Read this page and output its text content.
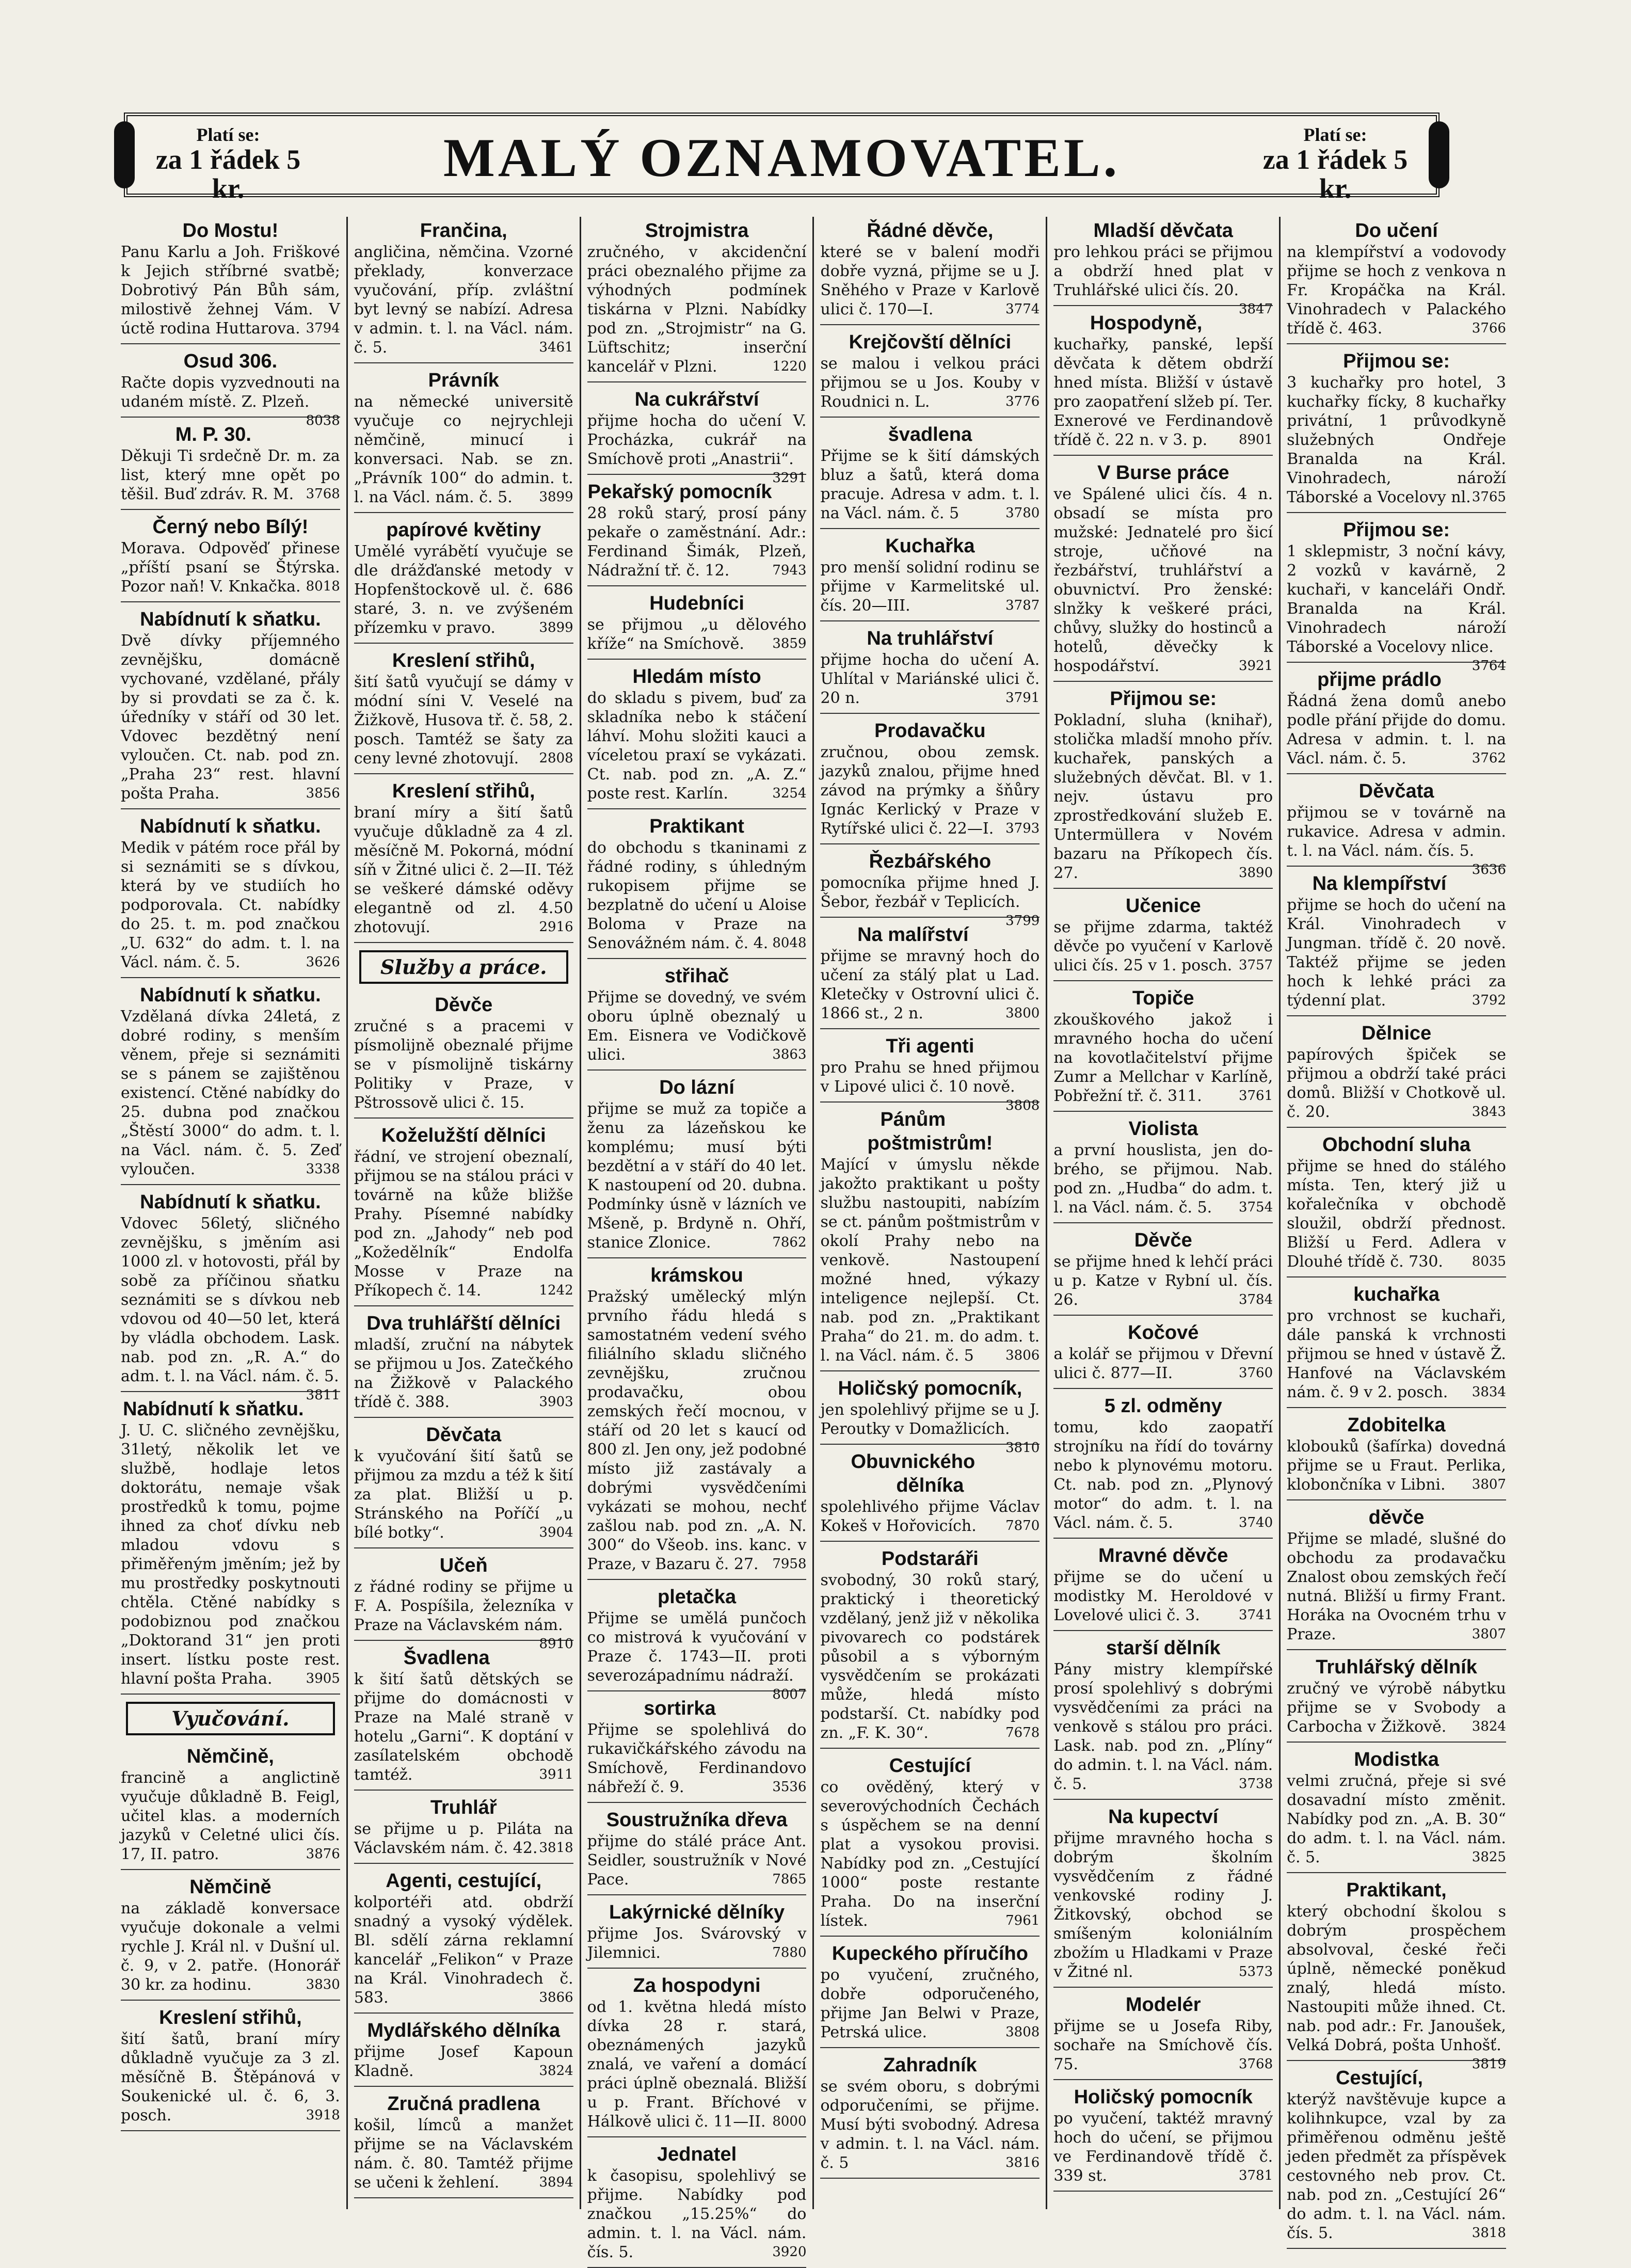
Platí se:
za 1 řádek 5 kr.
MALÝ OZNAMOVATEL.	Platí se:
za 1 řádek 5 kr.
Do Mostu!
Panu Karlu a Joh. Friškové k Jejich stříbrné svatbě; Dobrotivý Pán Bůh sám, milostivě žehnej Vám. V úctě rodina Huttarova. 3794
Osud 306.
Račte dopis vyzvednouti na udaném místě. Z. Plzeň.
8038
M. P. 30.
Děkuji Ti srdečně Dr. m. za list, který mne opět po těšil. Buď zdráv. R. M. 3768
Černý nebo Bílý!
Morava. Odpověď přinese „příští psaní se Štýrska. Pozor naň! V. Knkačka. 8018
Nabídnutí k sňatku.
Dvě dívky příjemného zevnějšku, domácně vychované, vzdělané, přály by si provdati se za č. k. úředníky v stáří od 30 let. Vdovec bezdětný není vyloučen. Ct. nab. pod zn. „Praha 23“ rest. hlavní pošta Praha.	3856
Nabídnutí k sňatku.
Medik v pátém roce přál by si seznámiti se s dívkou, která by ve studiích ho podporovala. Ct. nabídky do 25. t. m. pod značkou „U. 632“ do adm. t. l. na Václ. nám. č. 5.	3626
Nabídnutí k sňatku.
Vzdělaná dívka 24letá, z dobré rodiny, s menším věnem, přeje si seznámiti se s pánem se zajištěnou existencí. Ctěné nabídky do 25. dubna pod značkou „Štěstí 3000“ do adm. t. l. na Václ. nám. č. 5. Zeď vyloučen.	3338
Nabídnutí k sňatku.
Vdovec 56letý, sličného zevnějšku, s jměním asi 1000 zl. v hotovosti, přál by sobě za příčinou sňatku seznámiti se s dívkou neb vdovou od 40—50 let, která by vládla obchodem. Lask. nab. pod zn. „R. A.“ do adm. t. l. na Václ. nám. č. 5.
3811
Nabídnutí k sňatku.
J. U. C. sličného zevnějšku, 31letý, několik let ve službě, hodlaje letos doktorátu, nemaje však prostředků k tomu, pojme ihned za choť dívku neb mladou vdovu s přiměřeným jměním; jež by mu prostředky poskytnouti chtěla. Ctěné nabídky s podobiznou pod značkou „Doktorand 31“ jen proti insert. lístku poste rest. hlavní pošta Praha.	3905
Vyučování.
Němčině,
francině a anglictině vyučuje důkladně B. Feigl, učitel klas. a moderních jazyků v Celetné ulici čís. 17, II. patro.	3876
Němčině
na základě konversace vyučuje dokonale a velmi rychle J. Král nl. v Dušní ul. č. 9, v 2. patře. (Honorář 30 kr. za hodinu.	3830
Kreslení střihů,
šití šatů, braní míry důkladně vyučuje za 3 zl. měsíčně B. Štěpánová v Soukenické ul. č. 6, 3. posch.	3918
Frančina,
angličina, němčina. Vzorné překlady, konverzace vyučování, příp. zvláštní byt levný se nabízí. Adresa v admin. t. l. na Václ. nám. č. 5.	3461
Právník
na německé universitě vyučuje co nejrychleji němčině, minucí i konversaci. Nab. se zn. „Právník 100“ do admin. t. l. na Václ. nám. č. 5. 3899
papírové květiny
Umělé vyrábětí vyučuje se dle drážďanské metody v Hopfenštockově ul. č. 686 staré, 3. n. ve zvýšeném přízemku v pravo.	3899
Kreslení střihů,
šití šatů vyučují se dámy v módní síni V. Veselé na Žižkově, Husova tř. č. 58, 2. posch. Tamtéž se šaty za ceny levné zhotovují. 2808
Kreslení střihů,
braní míry a šití šatů vyučuje důkladně za 4 zl. měsíčně M. Pokorná, módní síň v Žitné ulici č. 2—II. Též se veškeré dámské oděvy elegantně od zl. 4.50 zhotovují.	2916
Služby a práce.
Děvče
zručné s a pracemi v písmolijně obeznalé přijme se v písmolijně tiskárny Politiky v Praze, v Pštrossově ulici č. 15.
Koželužští dělníci
řádní, ve strojení obeznalí, přijmou se na stálou práci v továrně na kůže bližše Prahy. Písemné nabídky pod zn. „Jahody“ neb pod „Kožedělník“ Endolfa Mosse v Praze na Příkopech č. 14.	1242
Dva truhlářští dělníci
mladší, zruční na nábytek se přijmou u Jos. Zatečkého na Žižkově v Palackého třídě č. 388.	3903
Děvčata
k vyučování šití šatů se přijmou za mzdu a též k šití za plat. Bližší u p. Stránského na Poříčí „u bílé botky“.	3904
Učeň
z řádné rodiny se přijme u F. A. Pospíšila, železníka v Praze na Václavském nám.
8910
Švadlena
k šití šatů dětských se přijme do domácnosti v Praze na Malé straně v hotelu „Garni“. K doptání v zasílatelském obchodě tamtéž.	3911
Truhlář
se přijme u p. Piláta na Václavském nám. č. 42. 3818
Agenti, cestující,
kolportéři atd. obdrží snadný a vysoký výdělek. Bl. sdělí zárna reklamní kancelář „Felikon“ v Praze na Král. Vinohradech č. 583.	3866
Mydlářského dělníka
přijme Josef Kapoun Kladně.	3824
Zručná pradlena
košil, límců a manžet přijme se na Václavském nám. č. 80. Tamtéž přijme se učeni k žehlení.	3894
Strojmistra
zručného, v akcidenční práci obeznalého přijme za výhodných podmínek tiskárna v Plzni. Nabídky pod zn. „Strojmistr“ na G. Lüftschitz; inserční kancelář v Plzni.	1220
Na cukrářství
přijme hocha do učení V. Procházka, cukrář na Smíchově proti „Anastrii“.
3291
Pekařský pomocník
28 roků starý, prosí pány pekaře o zaměstnání. Adr.: Ferdinand Šimák, Plzeň, Nádražní tř. č. 12.	7943
Hudebníci
se přijmou „u dělového kříže“ na Smíchově. 3859
Hledám místo
do skladu s pivem, buď za skladníka nebo k stáčení láhví. Mohu složiti kauci a víceletou praxí se vykázati. Ct. nab. pod zn. „A. Z.“ poste rest. Karlín.	3254
Praktikant
do obchodu s tkaninami z řádné rodiny, s úhledným rukopisem přijme se bezplatně do učení u Aloise Boloma v Praze na Senovážném nám. č. 4. 8048
střihač
Přijme se dovedný, ve svém oboru úplně obeznalý u Em. Eisnera ve Vodičkově ulici.	3863
Do lázní
přijme se muž za topiče a ženu za lázeňskou ke komplému; musí býti bezdětní a v stáří do 40 let. K nastoupení od 20. dubna. Podmínky úsně v lázních ve Mšeně, p. Brdyně n. Ohří, stanice Zlonice.	7862
krámskou
Pražský umělecký mlýn prvního řádu hledá s samostatném vedení svého filiálního skladu sličného zevnějšku, zručnou prodavačku, obou zemských řečí mocnou, v stáří od 20 let s kaucí od 800 zl. Jen ony, jež podobné místo již zastávaly a dobrými vysvědčeními vykázati se mohou, nechť zašlou nab. pod zn. „A. N. 300“ do Všeob. ins. kanc. v Praze, v Bazaru č. 27. 7958
pletačka
Přijme se umělá punčoch co mistrová k vyučování v Praze č. 1743—II. proti severozápadnímu nádraží.
8007
sortirka
Přijme se spolehlivá do rukavičkářského závodu na Smíchově, Ferdinandovo nábřeží č. 9.	3536
Soustružníka dřeva
přijme do stálé práce Ant. Seidler, soustružník v Nové Pace.	7865
Lakýrnické dělníky
přijme Jos. Svárovský v Jilemnici.	7880
Za hospodyni
od 1. května hledá místo dívka 28 r. stará, obeznámených jazyků znalá, ve vaření a domácí práci úplně obeznalá. Bližší u p. Frant. Bříchové v Hálkově ulici č. 11—II. 8000
Jednatel
k časopisu, spolehlivý se přijme. Nabídky pod značkou „15.25%“ do admin. t. l. na Václ. nám. čís. 5.	3920
Řádné děvče,
které se v balení modři dobře vyzná, přijme se u J. Sněhého v Praze v Karlově ulici č. 170—I.	3774
Krejčovští dělníci
se malou i velkou práci přijmou se u Jos. Kouby v Roudnici n. L.	3776
švadlena
Přijme se k šití dámských bluz a šatů, která doma pracuje. Adresa v adm. t. l. na Václ. nám. č. 5	3780
Kuchařka
pro menší solidní rodinu se přijme v Karmelitské ul. čís. 20—III.	3787
Na truhlářství
přijme hocha do učení A. Uhlítal v Mariánské ulici č. 20 n.	3791
Prodavačku
zručnou, obou zemsk. jazyků znalou, přijme hned závod na prýmky a šňůry Ignác Kerlický v Praze v Rytířské ulici č. 22—I. 3793
Řezbářského
pomocníka přijme hned J. Šebor, řezbář v Teplicích.
3799
Na malířství
přijme se mravný hoch do učení za stálý plat u Lad. Kletečky v Ostrovní ulici č. 1866 st., 2 n.	3800
Tři agenti
pro Prahu se hned přijmou v Lipové ulici č. 10 nově.
3808
Pánům poštmistrům!
Mající v úmyslu někde jakožto praktikant u pošty službu nastoupiti, nabízím se ct. pánům poštmistrům v okolí Prahy nebo na venkově. Nastoupení možné hned, výkazy inteligence nejlepší. Ct. nab. pod zn. „Praktikant Praha“ do 21. m. do adm. t. l. na Václ. nám. č. 5 3806
Holičský pomocník,
jen spolehlivý přijme se u J. Peroutky v Domažlicích.
3810
Obuvnického dělníka
spolehlivého přijme Václav Kokeš v Hořovicích. 7870
Podstaráři
svobodný, 30 roků starý, praktický i theoretický vzdělaný, jenž již v několika pivovarech co podstárek působil a s výborným vysvědčením se prokázati může, hledá místo podstarší. Ct. nabídky pod zn. „F. K. 30“.	7678
Cestující
co ověděný, který v severovýchodních Čechách s úspěchem se na denní plat a vysokou provisi. Nabídky pod zn. „Cestující 1000“ poste restante Praha. Do na inserční lístek.	7961
Kupeckého příručího
po vyučení, zručného, dobře odporučeného, přijme Jan Belwi v Praze, Petrská ulice.	3808
Zahradník
se svém oboru, s dobrými odporučeními, se přijme. Musí býti svobodný. Adresa v admin. t. l. na Václ. nám. č. 5	3816
Mladší děvčata
pro lehkou práci se přijmou a obdrží hned plat v Truhlářské ulici čís. 20.
3847
Hospodyně,
kuchařky, panské, lepší děvčata k dětem obdrží hned místa. Bližší v ústavě pro zaopatření slžeb pí. Ter. Exnerové ve Ferdinandově třídě č. 22 n. v 3. p. 8901
V Burse práce
ve Spálené ulici čís. 4 n. obsadí se místa pro mužské: Jednatelé pro šicí stroje, učňové na řezbářství, truhlářství a obuvnictví. Pro ženské: slnžky k veškeré práci, chůvy, služky do hostinců a hotelů, děvečky k hospodářství.	3921
Přijmou se:
Pokladní, sluha (knihař), stolička mladší mnoho přív. kuchařek, panských a služebných děvčat. Bl. v 1. nejv. ústavu pro zprostředkování služeb E. Untermüllera v Novém bazaru na Příkopech čís. 27.	3890
Učenice
se přijme zdarma, taktéž děvče po vyučení v Karlově ulici čís. 25 v 1. posch. 3757
Topiče
zkouškového jakož i mravného hocha do učení na kovotlačitelství přijme Zumr a Mellchar v Karlíně, Pobřežní tř. č. 311.	3761
Violista
a první houslista, jen do-brého, se přijmou. Nab. pod zn. „Hudba“ do adm. t. l. na Václ. nám. č. 5. 3754
Děvče
se přijme hned k lehčí práci u p. Katze v Rybní ul. čís. 26.	3784
Kočové
a kolář se přijmou v Dřevní ulici č. 877—II.	3760
5 zl. odměny
tomu, kdo zaopatří strojníku na řídí do továrny nebo k plynovému motoru. Ct. nab. pod zn. „Plynový motor“ do adm. t. l. na Václ. nám. č. 5.	3740
Mravné děvče
přijme se do učení u modistky M. Heroldové v Lovelové ulici č. 3.	3741
starší dělník
Pány mistry klempířské prosí spolehlivý s dobrými vysvědčeními za práci na venkově s stálou pro práci. Lask. nab. pod zn. „Plíny“ do admin. t. l. na Václ. nám. č. 5.	3738
Na kupectví
přijme mravného hocha s dobrým školním vysvědčením z řádné venkovské rodiny J. Žitkovský, obchod se smíšeným koloniálním zbožím u Hladkami v Praze v Žitné nl.	5373
Modelér
přijme se u Josefa Riby, sochaře na Smíchově čís. 75.	3768
Holičský pomocník
po vyučení, taktéž mravný hoch do učení, se přijmou ve Ferdinandově třídě č. 339 st.	3781
Do učení
na klempířství a vodovody přijme se hoch z venkova n Fr. Kropáčka na Král. Vinohradech v Palackého třídě č. 463.	3766
Přijmou se:
3 kuchařky pro hotel, 3 kuchařky fícky, 8 kuchařky privátní, 1 průvodkyně služebných Ondřeje Branalda na Král. Vinohradech, nároží Táborské a Vocelovy nl. 3765
Přijmou se:
1 sklepmistr, 3 noční kávy, 2 vozků v kavárně, 2 kuchaři, v kanceláři Ondř. Branalda na Král. Vinohradech nároží Táborské a Vocelovy nlice.
3764
přijme prádlo
Řádná žena domů anebo podle přání přijde do domu. Adresa v admin. t. l. na Václ. nám. č. 5.	3762
Děvčata
přijmou se v továrně na rukavice. Adresa v admin. t. l. na Václ. nám. čís. 5.
3636
Na klempířství
přijme se hoch do učení na Král. Vinohradech v Jungman. třídě č. 20 nově. Taktéž přijme se jeden hoch k lehké práci za týdenní plat.	3792
Dělnice
papírových špiček se přijmou a obdrží také práci domů. Bližší v Chotkově ul. č. 20.	3843
Obchodní sluha
přijme se hned do stálého místa. Ten, který již u kořalečníka v obchodě sloužil, obdrží přednost. Bližší u Ferd. Adlera v Dlouhé třídě č. 730. 8035
kuchařka
pro vrchnost se kuchaři, dále panská k vrchnosti přijmou se hned v ústavě Ž. Hanfové na Václavském nám. č. 9 v 2. posch. 3834
Zdobitelka
klobouků (šafírka) dovedná přijme se u Fraut. Perlika, klobončníka v Libni. 3807
děvče
Přijme se mladé, slušné do obchodu za prodavačku Znalost obou zemských řečí nutná. Bližší u firmy Frant. Horáka na Ovocném trhu v Praze.	3807
Truhlářský dělník
zručný ve výrobě nábytku přijme se v Svobody a Carbocha v Žižkově. 3824
Modistka
velmi zručná, přeje si své dosavadní místo změnit. Nabídky pod zn. „A. B. 30“ do adm. t. l. na Václ. nám. č. 5.	3825
Praktikant,
který obchodní školou s dobrým prospěchem absolvoval, české řeči úplně, německé poněkud znalý, hledá místo. Nastoupiti může ihned. Ct. nab. pod adr.: Fr. Janoušek, Velká Dobrá, pošta Unhošť.
3819
Cestující,
kterýž navštěvuje kupce a kolihnkupce, vzal by za přiměřenou odměnu ještě jeden předmět za příspěvek cestovného neb prov. Ct. nab. pod zn. „Cestující 26“ do adm. t. l. na Václ. nám. čís. 5.	3818
